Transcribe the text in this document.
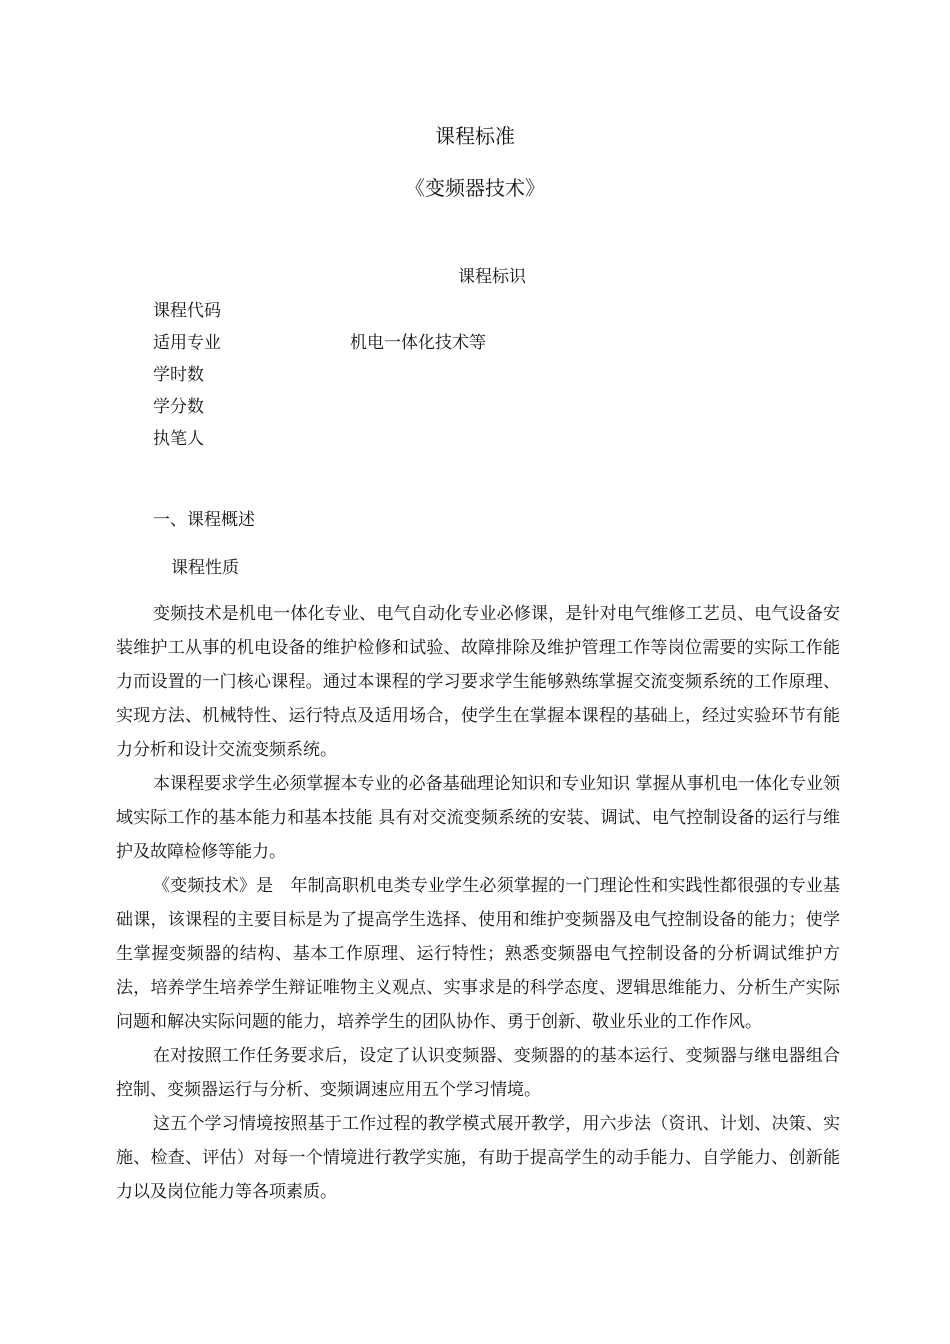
课程标准
《变频器技术》
课程标识
课程代码
适用专业	机电一体化技术等
学时数
学分数
执笔人
一、课程概述
课程性质

变频技术是机电一体化专业、电气自动化专业必修课，是针对电气维修工艺员、电气设备安装维护工从事的机电设备的维护检修和试验、故障排除及维护管理工作等岗位需要的实际工作能力而设置的一门核心课程。通过本课程的学习要求学生能够熟练掌握交流变频系统的工作原理、实现方法、机械特性、运行特点及适用场合，使学生在掌握本课程的基础上，经过实验环节有能力分析和设计交流变频系统。

本课程要求学生必须掌握本专业的必备基础理论知识和专业知识 掌握从事机电一体化专业领域实际工作的基本能力和基本技能 具有对交流变频系统的安装、调试、电气控制设备的运行与维护及故障检修等能力。

《变频技术》是　年制高职机电类专业学生必须掌握的一门理论性和实践性都很强的专业基础课，该课程的主要目标是为了提高学生选择、使用和维护变频器及电气控制设备的能力；使学生掌握变频器的结构、基本工作原理、运行特性；熟悉变频器电气控制设备的分析调试维护方法，培养学生培养学生辩证唯物主义观点、实事求是的科学态度、逻辑思维能力、分析生产实际问题和解决实际问题的能力，培养学生的团队协作、勇于创新、敬业乐业的工作作风。

在对按照工作任务要求后，设定了认识变频器、变频器的的基本运行、变频器与继电器组合控制、变频器运行与分析、变频调速应用五个学习情境。

这五个学习情境按照基于工作过程的教学模式展开教学，用六步法（资讯、计划、决策、实施、检查、评估）对每一个情境进行教学实施，有助于提高学生的动手能力、自学能力、创新能力以及岗位能力等各项素质。
